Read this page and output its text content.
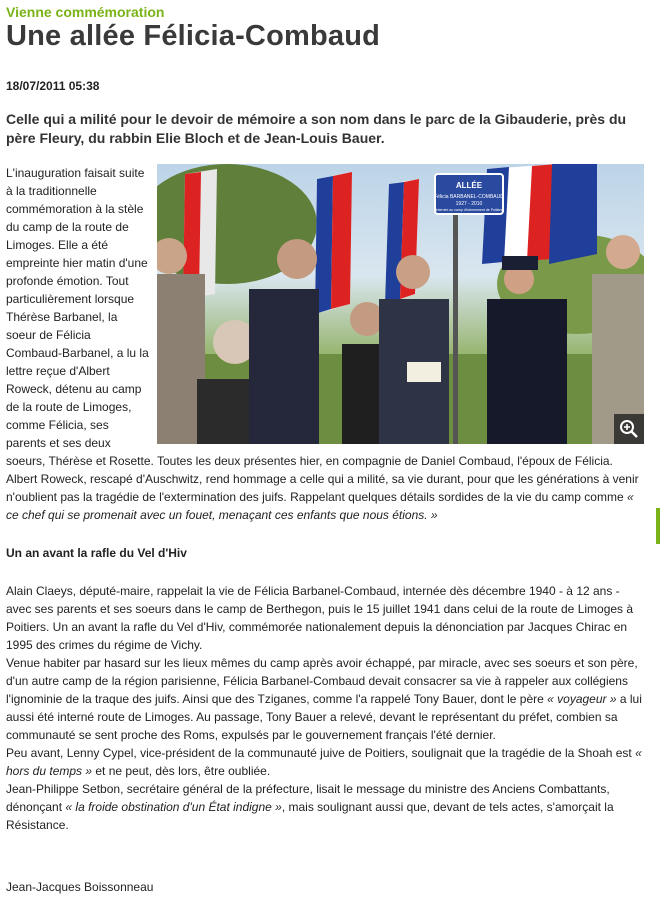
Vienne commémoration
Une allée Félicia-Combaud
18/07/2011 05:38
Celle qui a milité pour le devoir de mémoire a son nom dans le parc de la Gibauderie, près du père Fleury, du rabbin Elie Bloch et de Jean-Louis Bauer.
ALLÉE
Félicia BARBANEL-COMBAUD
1927 - 2010
Internée au camp d'internement de Poitiers

L'inauguration faisait suite à la traditionnelle commémoration à la stèle du camp de la route de Limoges. Elle a été empreinte hier matin d'une profonde émotion. Tout particulièrement lorsque Thérèse Barbanel, la soeur de Félicia Combaud-Barbanel, a lu la lettre reçue d'Albert Roweck, détenu au camp de la route de Limoges, comme Félicia, ses parents et ses deux soeurs, Thérèse et Rosette. Toutes les deux présentes hier, en compagnie de Daniel Combaud, l'époux de Félicia.

Albert Roweck, rescapé d'Auschwitz, rend hommage a celle qui a milité, sa vie durant, pour que les générations à venir n'oublient pas la tragédie de l'extermination des juifs. Rappelant quelques détails sordides de la vie du camp comme « ce chef qui se promenait avec un fouet, menaçant ces enfants que nous étions. »

Un an avant la rafle du Vel d'Hiv

Alain Claeys, député-maire, rappelait la vie de Félicia Barbanel-Combaud, internée dès décembre 1940 - à 12 ans - avec ses parents et ses soeurs dans le camp de Berthegon, puis le 15 juillet 1941 dans celui de la route de Limoges à Poitiers. Un an avant la rafle du Vel d'Hiv, commémorée nationalement depuis la dénonciation par Jacques Chirac en 1995 des crimes du régime de Vichy.

Venue habiter par hasard sur les lieux mêmes du camp après avoir échappé, par miracle, avec ses soeurs et son père, d'un autre camp de la région parisienne, Félicia Barbanel-Combaud devait consacrer sa vie à rappeler aux collégiens l'ignominie de la traque des juifs. Ainsi que des Tziganes, comme l'a rappelé Tony Bauer, dont le père « voyageur » a lui aussi été interné route de Limoges. Au passage, Tony Bauer a relevé, devant le représentant du préfet, combien sa communauté se sent proche des Roms, expulsés par le gouvernement français l'été dernier.

Peu avant, Lenny Cypel, vice-président de la communauté juive de Poitiers, soulignait que la tragédie de la Shoah est « hors du temps » et ne peut, dès lors, être oubliée.

Jean-Philippe Setbon, secrétaire général de la préfecture, lisait le message du ministre des Anciens Combattants, dénonçant « la froide obstination d'un État indigne », mais soulignant aussi que, devant de tels actes, s'amorçait la Résistance.

Jean-Jacques Boissonneau
